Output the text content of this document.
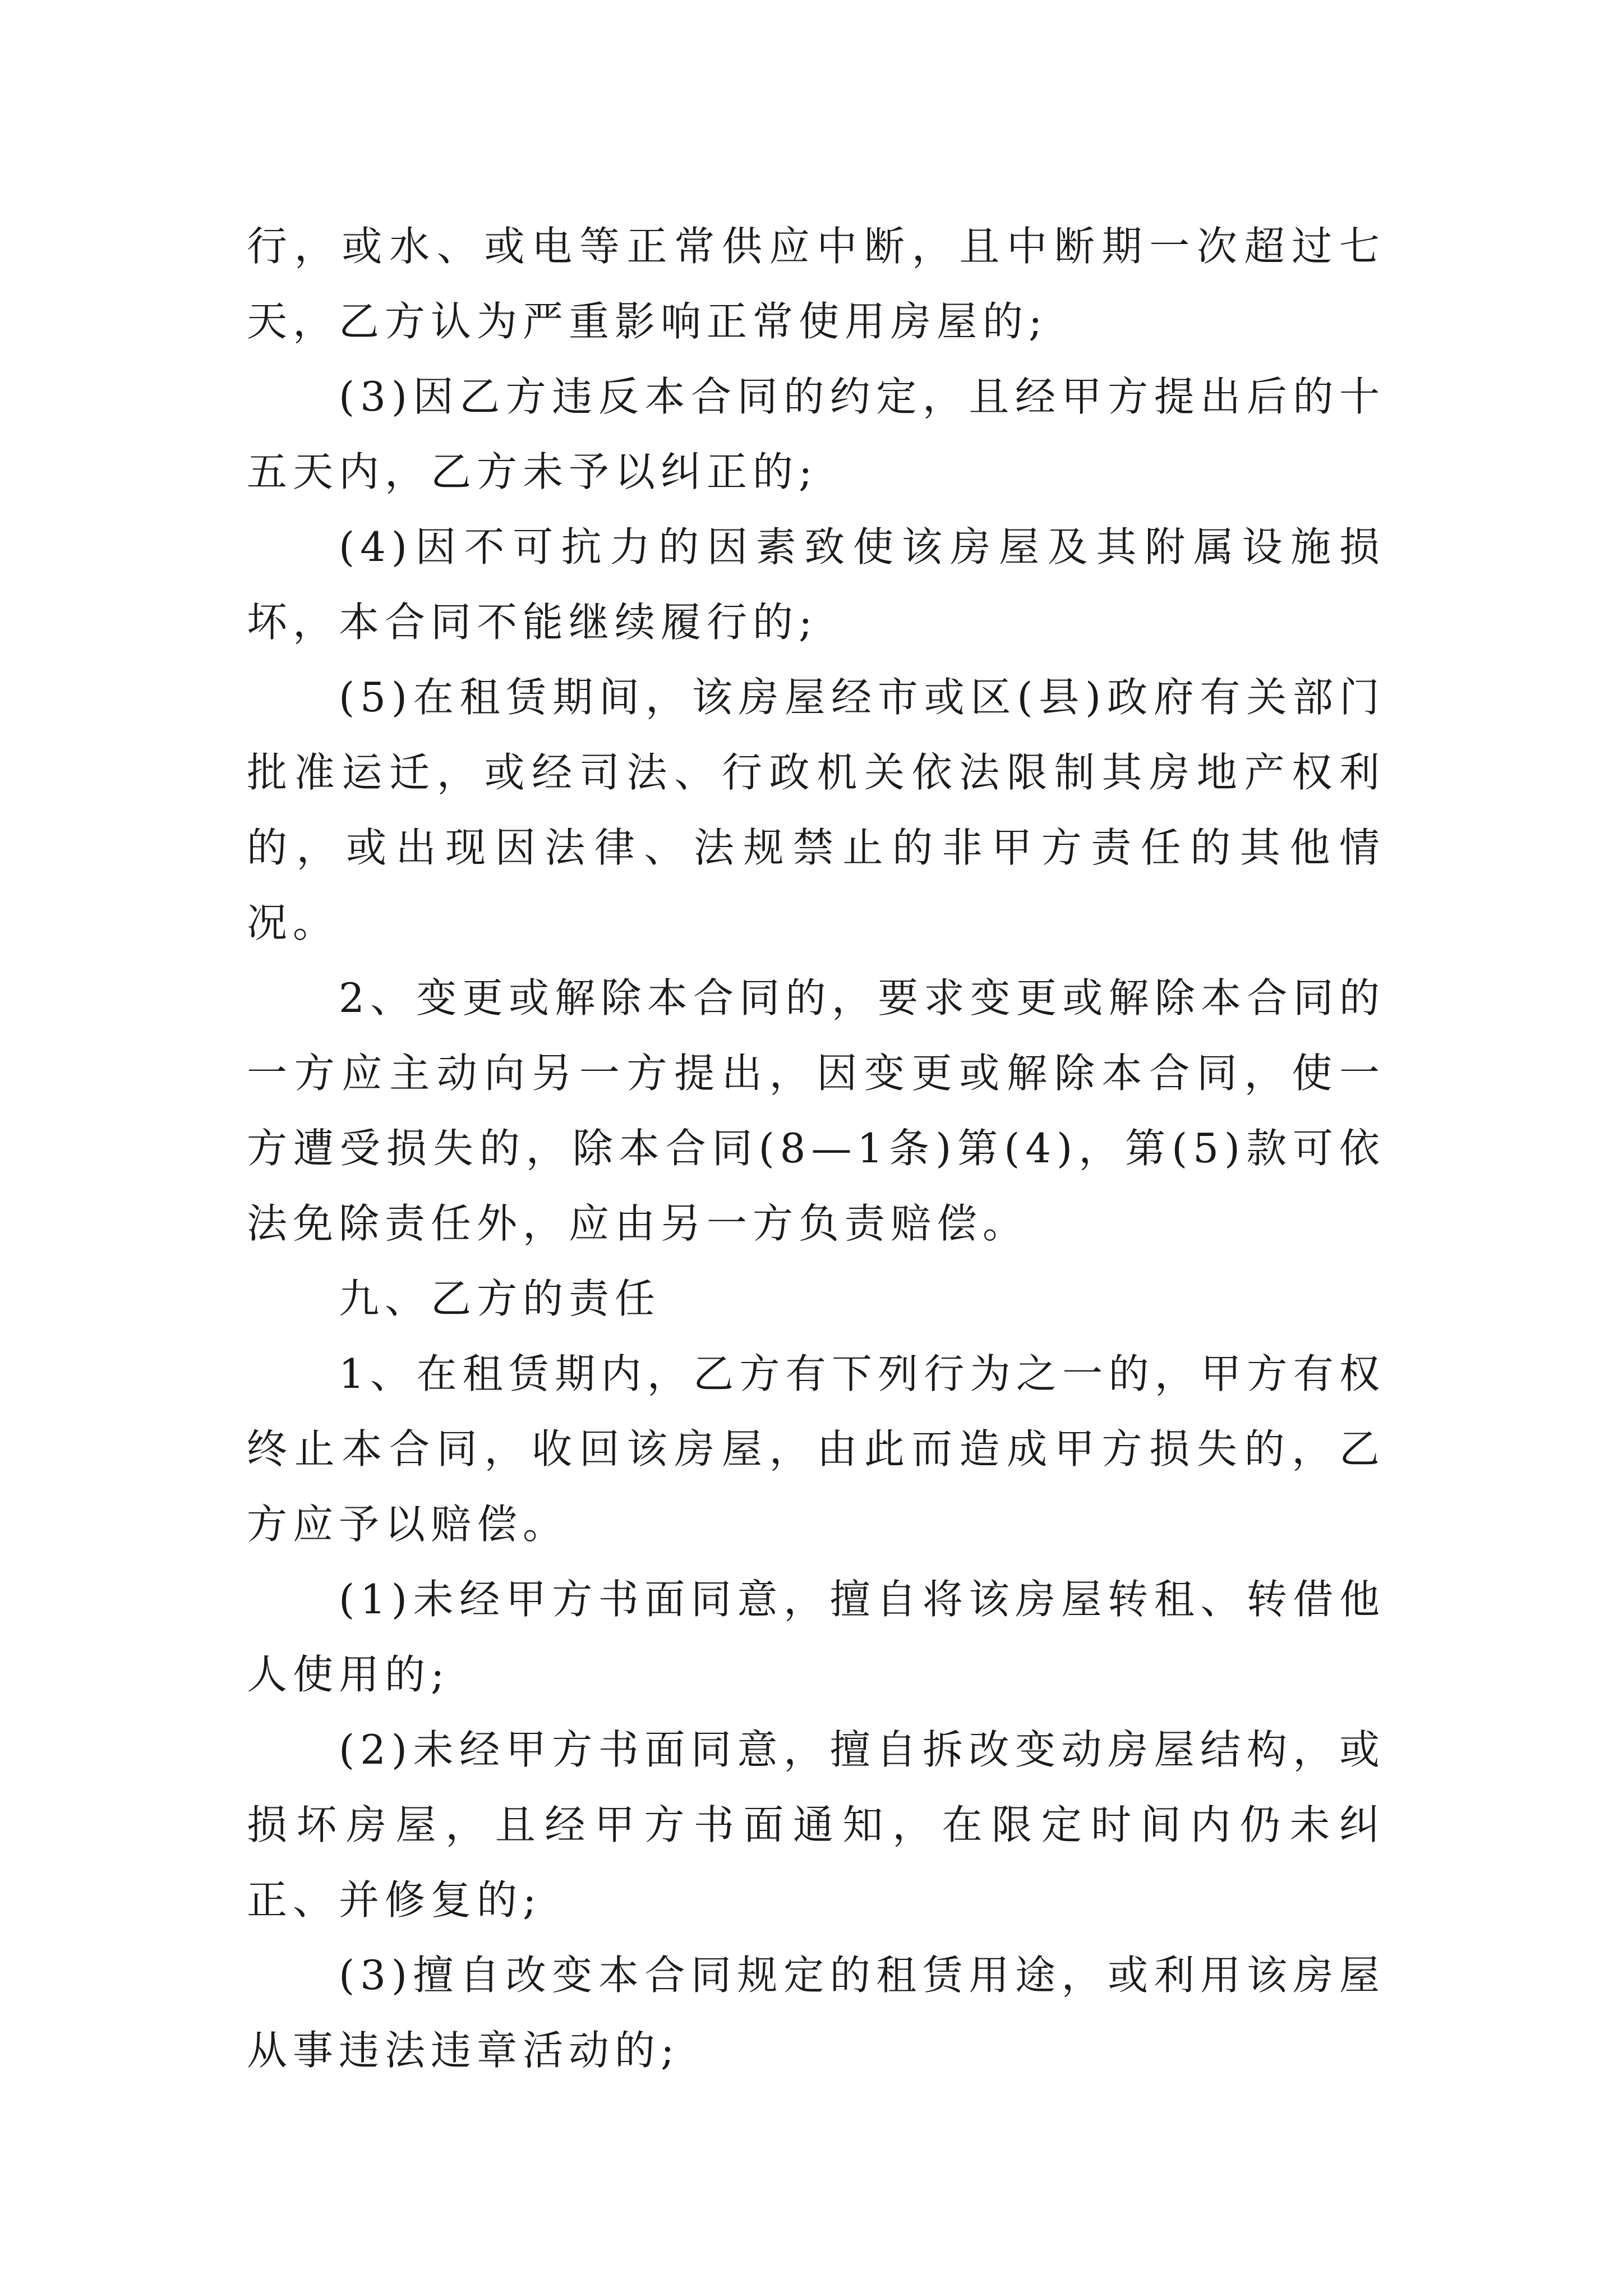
行，或水、或电等正常供应中断，且中断期一次超过七天，乙方认为严重影响正常使用房屋的;

(3)因乙方违反本合同的约定，且经甲方提出后的十五天内，乙方未予以纠正的;

(4)因不可抗力的因素致使该房屋及其附属设施损坏，本合同不能继续履行的;

(5)在租赁期间，该房屋经市或区(县)政府有关部门批准运迁，或经司法、行政机关依法限制其房地产权利的，或出现因法律、法规禁止的非甲方责任的其他情况。

2、变更或解除本合同的，要求变更或解除本合同的一方应主动向另一方提出，因变更或解除本合同，使一方遭受损失的，除本合同(8—1条)第(4)，第(5)款可依法免除责任外，应由另一方负责赔偿。

九、乙方的责任

1、在租赁期内，乙方有下列行为之一的，甲方有权终止本合同，收回该房屋，由此而造成甲方损失的，乙方应予以赔偿。

(1)未经甲方书面同意，擅自将该房屋转租、转借他人使用的;

(2)未经甲方书面同意，擅自拆改变动房屋结构，或损坏房屋，且经甲方书面通知，在限定时间内仍未纠正、并修复的;

(3)擅自改变本合同规定的租赁用途，或利用该房屋从事违法违章活动的;
